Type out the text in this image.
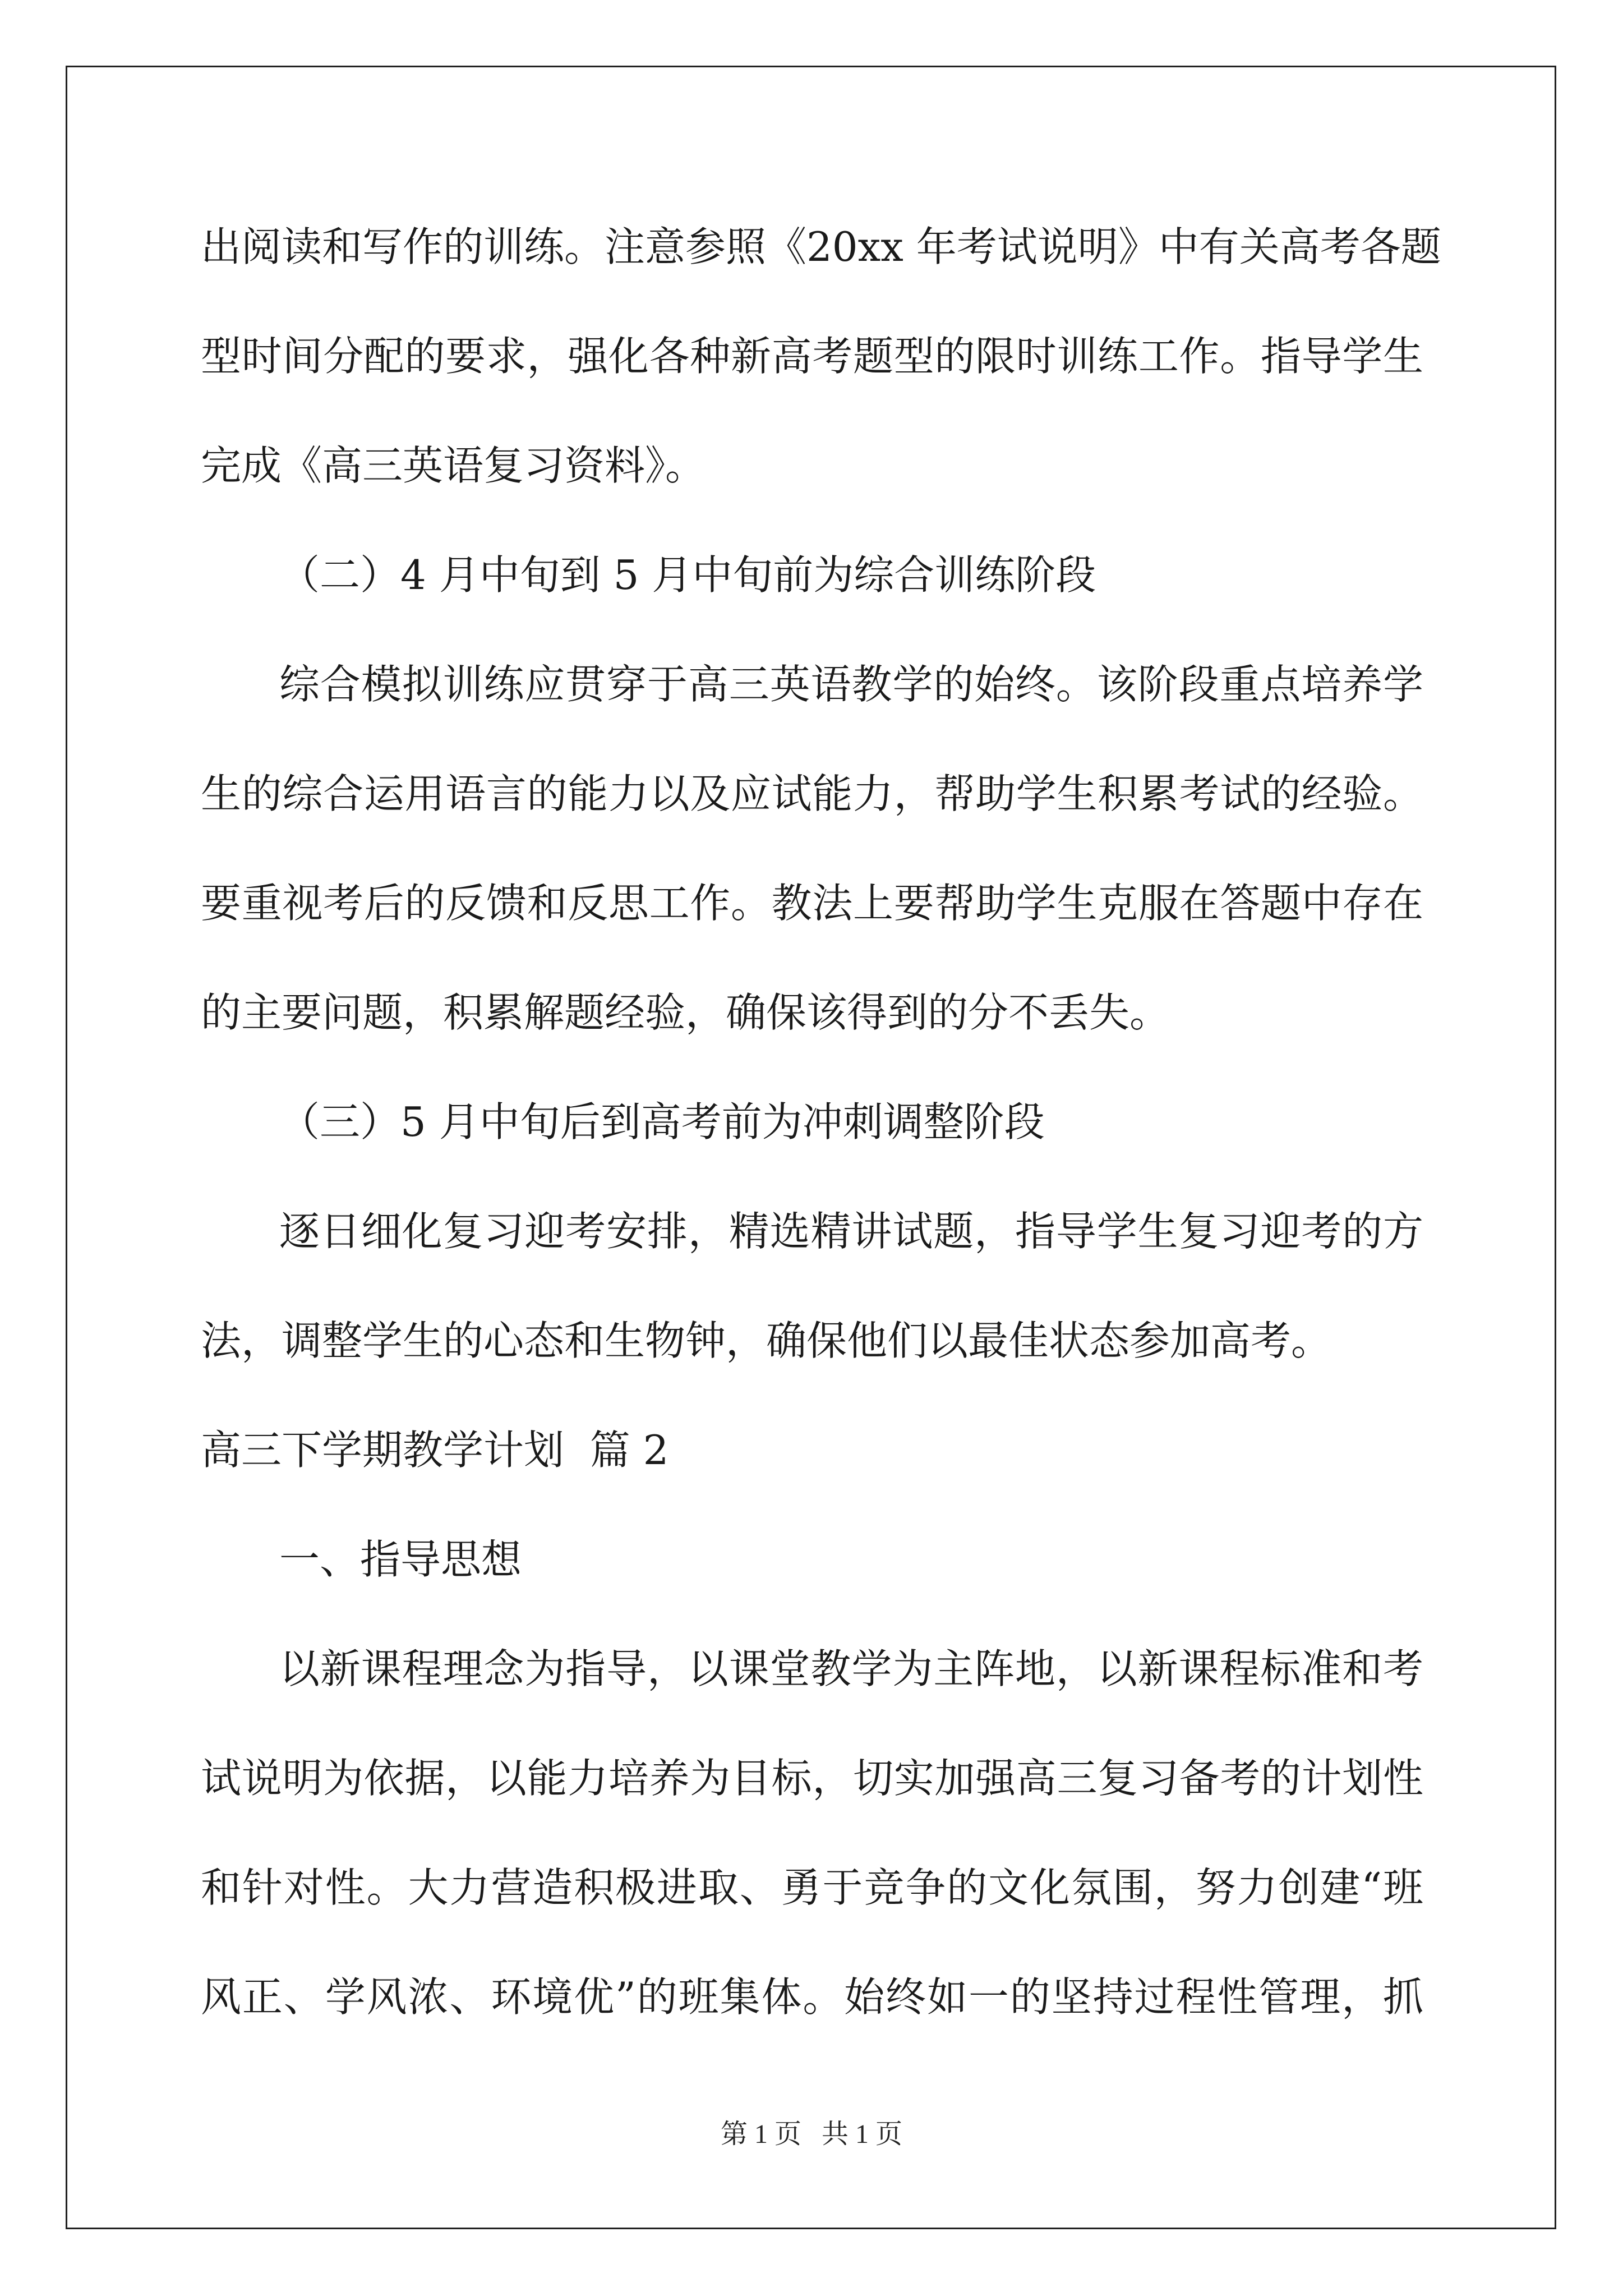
出阅读和写作的训练。注意参照《20xx 年考试说明》中有关高考各题
型时间分配的要求，强化各种新高考题型的限时训练工作。指导学生
完成《高三英语复习资料》。
（二）4 月中旬到 5 月中旬前为综合训练阶段
综合模拟训练应贯穿于高三英语教学的始终。该阶段重点培养学
生的综合运用语言的能力以及应试能力，帮助学生积累考试的经验。
要重视考后的反馈和反思工作。教法上要帮助学生克服在答题中存在
的主要问题，积累解题经验，确保该得到的分不丢失。
（三）5 月中旬后到高考前为冲刺调整阶段
逐日细化复习迎考安排，精选精讲试题，指导学生复习迎考的方
法，调整学生的心态和生物钟，确保他们以最佳状态参加高考。
高三下学期教学计划  篇 2
一、指导思想
以新课程理念为指导，以课堂教学为主阵地，以新课程标准和考
试说明为依据，以能力培养为目标，切实加强高三复习备考的计划性
和针对性。大力营造积极进取、勇于竞争的文化氛围，努力创建“班
风正、学风浓、环境优”的班集体。始终如一的坚持过程性管理，抓
第 1 页   共 1 页
